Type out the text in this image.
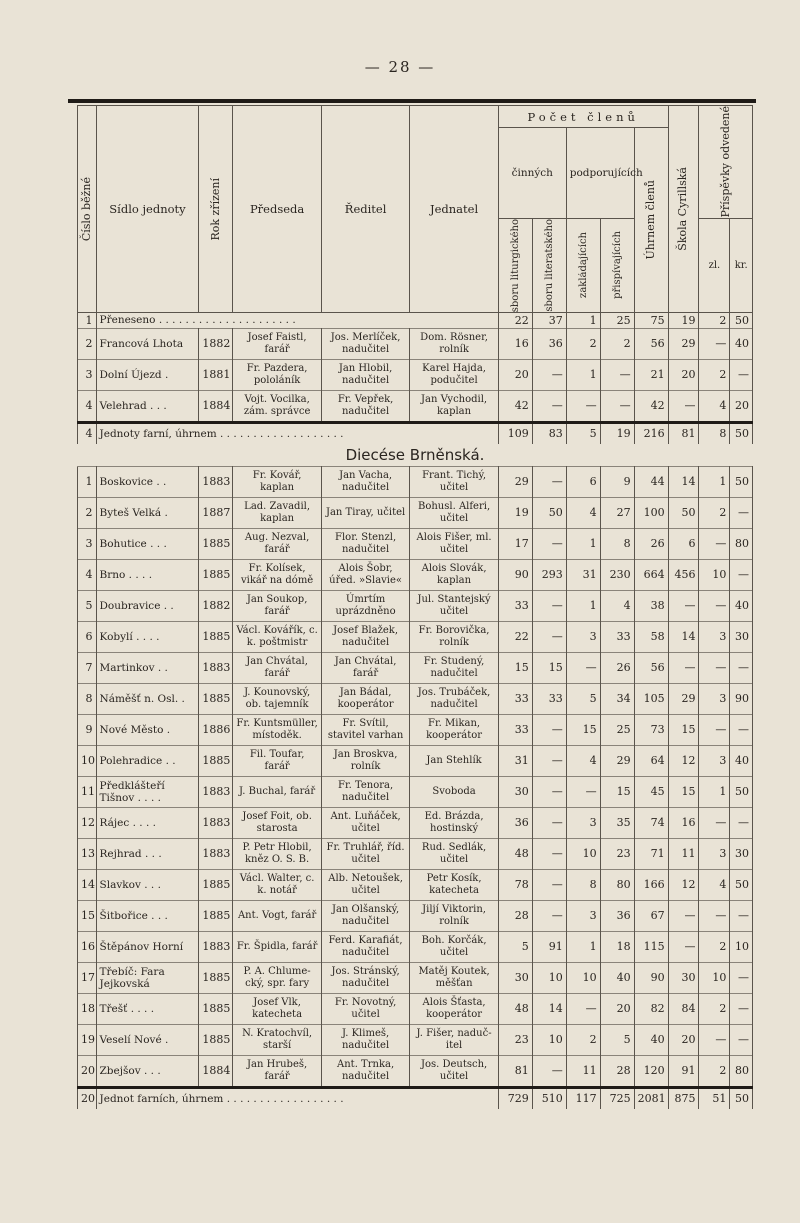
— 28 —
Číslo běžné	Sídlo jednoty	Rok zřízení	Předseda	Ředitel	Jednatel	Počet členů					Škola Cyrillská	Příspěvky odvedené	

						činných		podporujících		Úhrnem členů			

						sboru liturgického	sboru literatského	zakládajících	přispívajících			zl.	kr.
1	Přeneseno . . . . . . . . . . . . . . . . . . . . .					22	37	1	25	75	19	2	50
2	Francová Lhota	1882	Josef Faistl, farář	Jos. Merlíček, nadučitel	Dom. Rösner, rolník	16	36	2	2	56	29	—	40
3	Dolní Újezd .	1881	Fr. Pazdera, pololáník	Jan Hlobil, nadučitel	Karel Hajda, podučitel	20	—	1	—	21	20	2	—
4	Velehrad . . .	1884	Vojt. Vocilka, zám. správce	Fr. Vepřek, nadučitel	Jan Vychodil, kaplan	42	—	—	—	42	—	4	20
4	Jednoty farní, úhrnem . . . . . . . . . . . . . . . . . . .					109	83	5	19	216	81	8	50
Diecése Brněnská.													
1	Boskovice . .	1883	Fr. Kovář, kaplan	Jan Vacha, nadučitel	Frant. Tichý, učitel	29	—	6	9	44	14	1	50
2	Byteš Velká .	1887	Lad. Zavadil, kaplan	Jan Tiray, učitel	Bohusl. Alferi, učitel	19	50	4	27	100	50	2	—
3	Bohutice . . .	1885	Aug. Nezval, farář	Flor. Stenzl, nadučitel	Alois Fišer, ml. učitel	17	—	1	8	26	6	—	80
4	Brno . . . .	1885	Fr. Kolísek, vikář na dómě	Alois Šobr, úřed. »Slavie«	Alois Slovák, kaplan	90	293	31	230	664	456	10	—
5	Doubravice . .	1882	Jan Soukop, farář	Úmrtím uprázdněno	Jul. Stantejský učitel	33	—	1	4	38	—	—	40
6	Kobylí . . . .	1885	Václ. Kovářík, c. k. poštmistr	Josef Blažek, nadučitel	Fr. Borovička, rolník	22	—	3	33	58	14	3	30
7	Martinkov . .	1883	Jan Chvátal, farář	Jan Chvátal, farář	Fr. Studený, nadučitel	15	15	—	26	56	—	—	—
8	Náměšť n. Osl. .	1885	J. Kounovský, ob. tajemník	Jan Bádal, kooperátor	Jos. Trubáček, nadučitel	33	33	5	34	105	29	3	90
9	Nové Město .	1886	Fr. Kuntsmüller, místoděk.	Fr. Svítil, stavitel varhan	Fr. Mikan, kooperátor	33	—	15	25	73	15	—	—
10	Polehradice . .	1885	Fil. Toufar, farář	Jan Broskva, rolník	Jan Stehlík	31	—	4	29	64	12	3	40
11	Předklášteří Tišnov . . . .	1883	J. Buchal, farář	Fr. Tenora, nadučitel	Svoboda	30	—	—	15	45	15	1	50
12	Rájec . . . .	1883	Josef Foit, ob. starosta	Ant. Luňáček, učitel	Ed. Brázda, hostinský	36	—	3	35	74	16	—	—
13	Rejhrad . . .	1883	P. Petr Hlobil, kněz O. S. B.	Fr. Truhlář, říd. učitel	Rud. Sedlák, učitel	48	—	10	23	71	11	3	30
14	Slavkov . . .	1885	Václ. Walter, c. k. notář	Alb. Netoušek, učitel	Petr Kosík, katecheta	78	—	8	80	166	12	4	50
15	Šitbořice . . .	1885	Ant. Vogt, farář	Jan Olšanský, nadučitel	Jiljí Viktorin, rolník	28	—	3	36	67	—	—	—
16	Štěpánov Horní	1883	Fr. Špidla, farář	Ferd. Karafiát, nadučitel	Boh. Korčák, učitel	5	91	1	18	115	—	2	10
17	Třebíč: Fara Jejkovská	1885	P. A. Chlumecký, spr. fary	Jos. Stránský, nadučitel	Matěj Koutek, měšťan	30	10	10	40	90	30	10	—
18	Třešť . . . .	1885	Josef Vlk, katecheta	Fr. Novotný, učitel	Alois Šťasta, kooperátor	48	14	—	20	82	84	2	—
19	Veselí Nové .	1885	N. Kratochvíl, starší	J. Klimeš, nadučitel	J. Fišer, nadučitel	23	10	2	5	40	20	—	—
20	Zbejšov . . .	1884	Jan Hrubeš, farář	Ant. Trnka, nadučitel	Jos. Deutsch, učitel	81	—	11	28	120	91	2	80
20	Jednot farních, úhrnem . . . . . . . . . . . . . . . . . .					729	510	117	725	2081	875	51	50
